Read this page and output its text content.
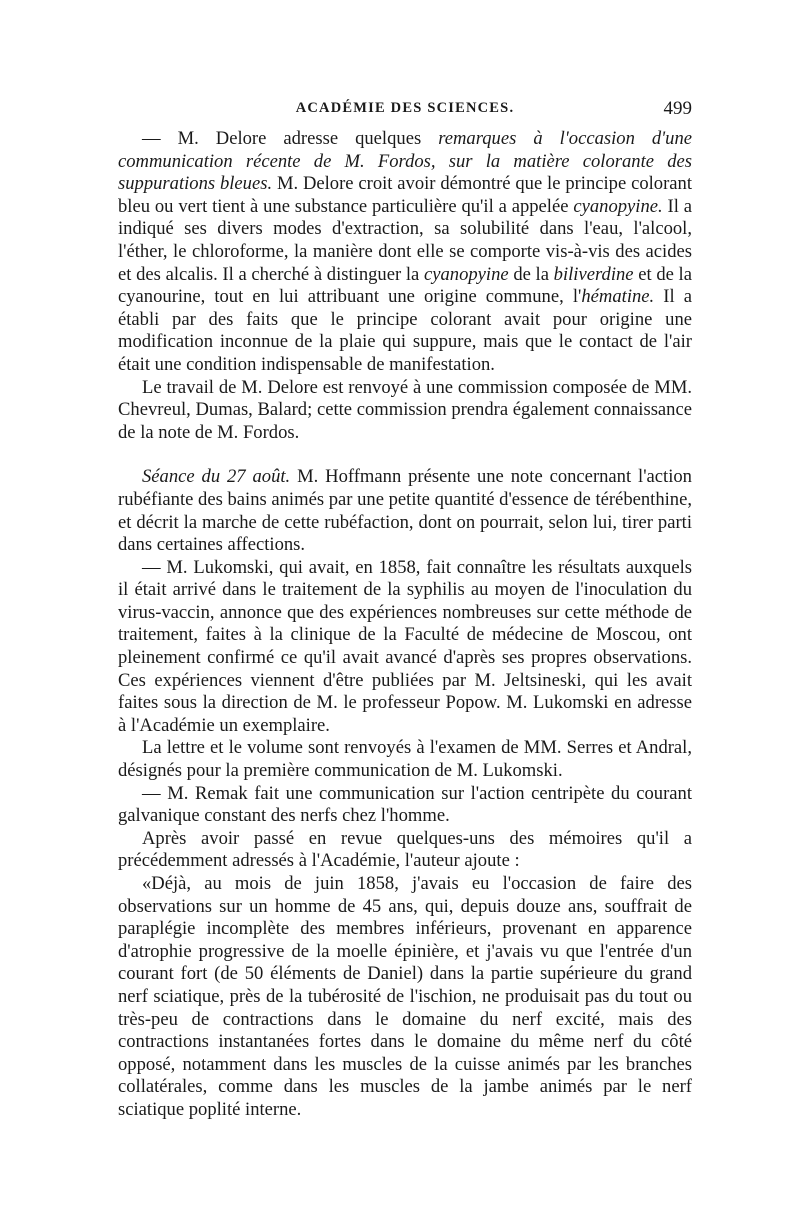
ACADÉMIE DES SCIENCES.	499

— M. Delore adresse quelques remarques à l'occasion d'une communication récente de M. Fordos, sur la matière colorante des suppurations bleues. M. Delore croit avoir démontré que le principe colorant bleu ou vert tient à une substance particulière qu'il a appelée cyanopyine. Il a indiqué ses divers modes d'extraction, sa solubilité dans l'eau, l'alcool, l'éther, le chloroforme, la manière dont elle se comporte vis-à-vis des acides et des alcalis. Il a cherché à distinguer la cyanopyine de la biliverdine et de la cyanourine, tout en lui attribuant une origine commune, l'hématine. Il a établi par des faits que le principe colorant avait pour origine une modification inconnue de la plaie qui suppure, mais que le contact de l'air était une condition indispensable de manifestation.

Le travail de M. Delore est renvoyé à une commission composée de MM. Chevreul, Dumas, Balard; cette commission prendra également connaissance de la note de M. Fordos.

Séance du 27 août. M. Hoffmann présente une note concernant l'action rubéfiante des bains animés par une petite quantité d'essence de térébenthine, et décrit la marche de cette rubéfaction, dont on pourrait, selon lui, tirer parti dans certaines affections.

— M. Lukomski, qui avait, en 1858, fait connaître les résultats auxquels il était arrivé dans le traitement de la syphilis au moyen de l'inoculation du virus-vaccin, annonce que des expériences nombreuses sur cette méthode de traitement, faites à la clinique de la Faculté de médecine de Moscou, ont pleinement confirmé ce qu'il avait avancé d'après ses propres observations. Ces expériences viennent d'être publiées par M. Jeltsineski, qui les avait faites sous la direction de M. le professeur Popow. M. Lukomski en adresse à l'Académie un exemplaire.

La lettre et le volume sont renvoyés à l'examen de MM. Serres et Andral, désignés pour la première communication de M. Lukomski.

— M. Remak fait une communication sur l'action centripète du courant galvanique constant des nerfs chez l'homme.

Après avoir passé en revue quelques-uns des mémoires qu'il a précédemment adressés à l'Académie, l'auteur ajoute :

«Déjà, au mois de juin 1858, j'avais eu l'occasion de faire des observations sur un homme de 45 ans, qui, depuis douze ans, souffrait de paraplégie incomplète des membres inférieurs, provenant en apparence d'atrophie progressive de la moelle épinière, et j'avais vu que l'entrée d'un courant fort (de 50 éléments de Daniel) dans la partie supérieure du grand nerf sciatique, près de la tubérosité de l'ischion, ne produisait pas du tout ou très-peu de contractions dans le domaine du nerf excité, mais des contractions instantanées fortes dans le domaine du même nerf du côté opposé, notamment dans les muscles de la cuisse animés par les branches collatérales, comme dans les muscles de la jambe animés par le nerf sciatique poplité interne.
